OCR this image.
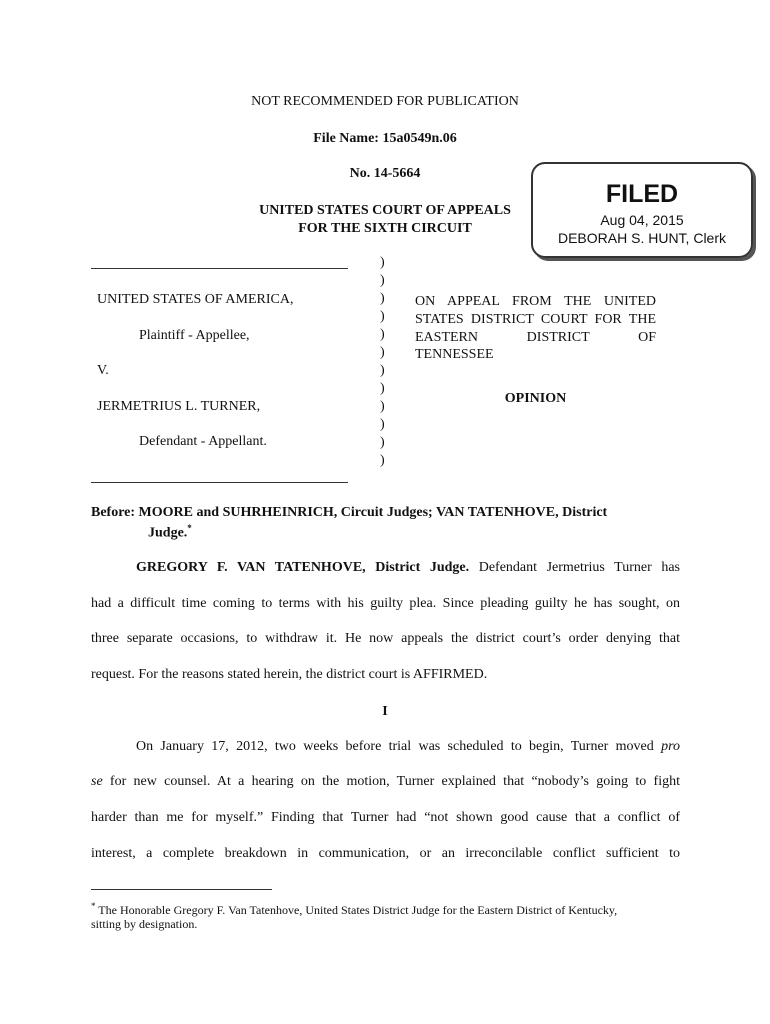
NOT RECOMMENDED FOR PUBLICATION
File Name: 15a0549n.06
No. 14-5664
UNITED STATES COURT OF APPEALS
FOR THE SIXTH CIRCUIT
FILED
Aug 04, 2015
DEBORAH S. HUNT, Clerk
)
)
)
)
)
)
)
)
)
)
)
)
UNITED STATES OF AMERICA,
Plaintiff - Appellee,
V.
JERMETRIUS L. TURNER,
Defendant - Appellant.
ON APPEAL FROM THE UNITED STATES DISTRICT COURT FOR THE EASTERN DISTRICT OF
TENNESSEE
OPINION
Before: MOORE and SUHRHEINRICH, Circuit Judges; VAN TATENHOVE, District
Judge.*
GREGORY F. VAN TATENHOVE, District Judge. Defendant Jermetrius Turner has
had a difficult time coming to terms with his guilty plea. Since pleading guilty he has sought, on
three separate occasions, to withdraw it. He now appeals the district court’s order denying that
request. For the reasons stated herein, the district court is AFFIRMED.
I
On January 17, 2012, two weeks before trial was scheduled to begin, Turner moved pro
se for new counsel. At a hearing on the motion, Turner explained that “nobody’s going to fight
harder than me for myself.” Finding that Turner had “not shown good cause that a conflict of
interest, a complete breakdown in communication, or an irreconcilable conflict sufficient to
* The Honorable Gregory F. Van Tatenhove, United States District Judge for the Eastern District of Kentucky,
sitting by designation.
